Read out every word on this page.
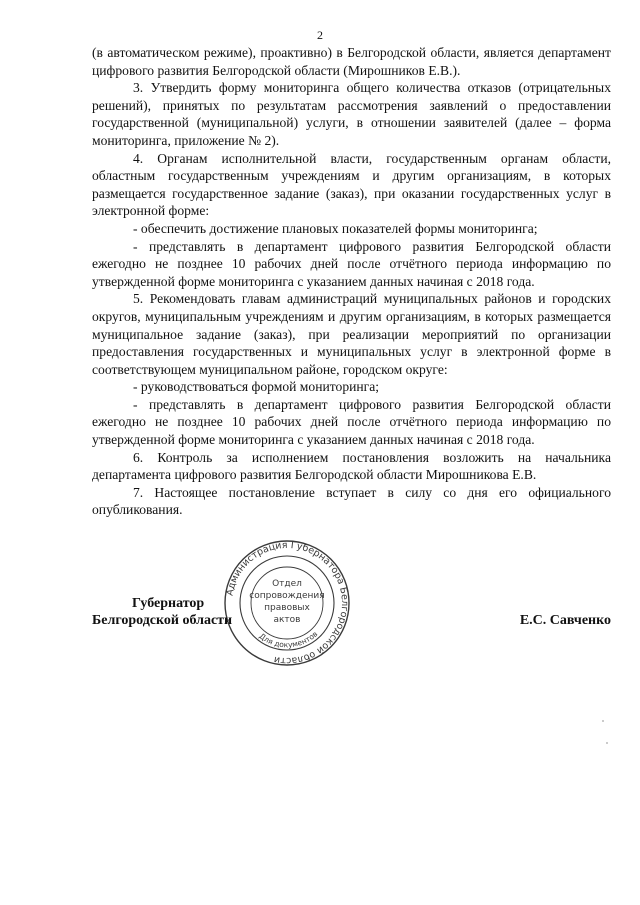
2

(в автоматическом режиме), проактивно) в Белгородской области, является департамент цифрового развития Белгородской области (Мирошников Е.В.).

3. Утвердить форму мониторинга общего количества отказов (отрицательных решений), принятых по результатам рассмотрения заявлений о предоставлении государственной (муниципальной) услуги, в отношении заявителей (далее – форма мониторинга, приложение № 2).

4. Органам исполнительной власти, государственным органам области, областным государственным учреждениям и другим организациям, в которых размещается государственное задание (заказ), при оказании государственных услуг в электронной форме:

- обеспечить достижение плановых показателей формы мониторинга;

- представлять в департамент цифрового развития Белгородской области ежегодно не позднее 10 рабочих дней после отчётного периода информацию по утвержденной форме мониторинга с указанием данных начиная с 2018 года.

5. Рекомендовать главам администраций муниципальных районов и городских округов, муниципальным учреждениям и другим организациям, в которых размещается муниципальное задание (заказ), при реализации мероприятий по организации предоставления государственных и муниципальных услуг в электронной форме в соответствующем муниципальном районе, городском округе:

- руководствоваться формой мониторинга;

- представлять в департамент цифрового развития Белгородской области ежегодно не позднее 10 рабочих дней после отчётного периода информацию по утвержденной форме мониторинга с указанием данных начиная с 2018 года.

6. Контроль за исполнением постановления возложить на начальника департамента цифрового развития Белгородской области Мирошникова Е.В.

7. Настоящее постановление вступает в силу со дня его официального опубликования.

Администрация Губернатора Белгородской области
Отдел
сопровождения
правовых
актов
Для документов
Губернатор
Белгородской области	Е.С. Савченко
